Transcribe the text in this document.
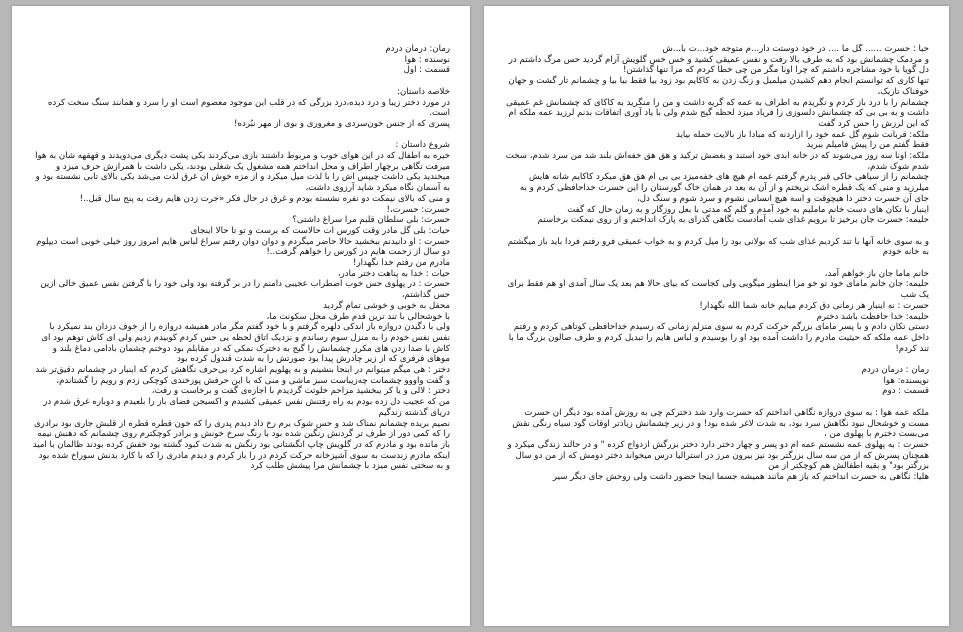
رمان: درمان دردم

نوسنده : هوا

قسمت : اول

خلاصه داستان:

در مورد دختر زیبا و درد دیده،درد بزرگی که در قلب این موجود معصوم است او را سرد و همانند سنگ سخت کرده است.

پسری که از جنس خون‌سردی و مغروری و بوی از مهر نبُرده!

شروع داستان :

خیره به اطفال که در این هوای خوب و مربوط داشتند بازی می‌کردند یکی پشت دیگری می‌دویدند و قهقهه شان به هوا میرفت نگاهی برچهار اطراف و محل انداختم همه مشغول یک شغلی بودند، یکی داشت با همرازش حرف میزد و میخندید یکی داشت چیپس اش را با لذت میل میکرد و از مزه خوش ان غرق لذت می‌شد یکی بالای تابی نشسته بود و به آسمان نگاه میکرد شاید آرزوی داشت،

و منی که بالای نیمکت دو نفره نشسته بودم و غرق در حال فکر «جرت زدن هایم رفت به پنج سال قبل..!

حسرت: حسرت،!

حسرت: بلی سلطان قلبم مرا سراغ داشتی؟

حیات: بلی گل مادر وقت کورس ات حالاست که برست و تو تا حالا اینجای

حسرت : او دانیدنم ببخشید حالا حاضر میگردم و دوان دوان رفتم سراغ لباس هایم امروز روز خیلی خوبی است دیپلوم دو سال از زحمت هایم در کورس را خواهم گرفت..!

مادرم من رفتم خدا نگهدار!

حیات : خدا به پناهت دختر مادر،

حسرت : در پهلوی حس خوب اضطراب عجیبی دامنم را در بر گرفته بود ولی خود را با گرفتن نفس عمیق خالی ازین حس گذاشتم،

محفل به خوبی و خوشی تمام گردید

با خوشحالی با تند ترین قدم طرف محل سکونت ما،

ولی با دگیدن دروازه باز اندکی دلهره گرفتم و با خود گفتم مگر مادر همیشه دروازه را از خوف دزدان بند نمیکرد با نفس نفس خودم را به منزل سوم رساندم و نزدیک اتاق لحظه یی حس کردم کوبیدم زدیم ولی ای کاش توهم بود ای کاش با صدا زدن های مکرر چشمانش را گیج به دخترک نمکی که در مقابلم بود دوختم چشمان بادامی دماغ بلند و موهای فرفری که از زیر چادرش پیدا بود صورتش را به شدت قندول کرده بود

دختر : هی میگم میتوانم در اینجا بنشینم و به پهلویم اشاره کرد بی‌حرف نگاهش کردم که اینبار در چشمانم دقیق‌تر شد و گفت واووو چشمانت چه‌زیباست سبز ماشی و منی که با این حرفش پوزخندی کوچکی زدم و رویم را گشتاندم،

دختر : لالی و یا کر ببخشید مزاحم خلوتت گردیدم با اجازه‌ی گفت و برخاست و رفت،

من که عجیب دل زده بودم به راه رفتنش نفس عمیقی کشیدم و اکسیجن فضای باز را بلعیدم و دوباره غرق شدم در دریای گذشته زندگیم

نصیم بریده چشمانم نمناک شد و حس شوک برم رخ داد دیدم پدری را که خون قطره قطره از قلبش جاری بود برادری را که کمی دور از طرف تر گردنش رنگین شده بود با رنگ سرخ خونش و برادر کوچکترم روی چشمانم که دهنش نیمه باز مانده بود و مادرم که در گلویش چاپ انگشتانی بود رنگش به شدت کبود گشته بود خفش کرده بودند ظالمان با امید اینکه مادرم زندست به سوی آشپزخانه حرکت کردم در را باز کردم و دیدم مادری را که با کارد بدنش سوراخ شده بود و به سختی نفس میزد با چشمانش مرا پیشش طلب کرد

حیا : حسرت ...... گل ما .... در خود دوستت دار...م متوجه خود...ت با...ش

و مردمک چشمانش بود که به طرف بالا رفت و نفس عمیقی کشید و خس خس گلویش آرام گردید حس مرگ داشتم در دل گویا با خود مشاجره داشتم که چرا اونا مگر من چی خطا کردم که مرا تنها گذاشتن!

تنها کاری که توانستم انجام دهم کشیدن میلمبل و زنگ زدن به کاکایم بود زود بیا فقط بیا بیا و چشمانم تار گشت و جهان خوفناک تاریک،

چشمانم را با درد باز کردم و نگریدم به اطراف به عمه که گریه داشت و من را منگرید به کاکای که چشمانش غم عمیقی داشت و به بی بی که چشمانش دلسوزی را فریاد میزد لحظه گیج شدم ولی با یاد آوری اتفاقات بدنم لرزید عمه ملکه ام که این لرزش را حس کرد گفت

ملکه: قربانت شوم گل عمه خود را ازاردنه که مبادا باز بالایت حمله بیاید

فقط گفتم من را پیش فامیلم ببرید

ملکه: اونا سه روز می‌شوند که در خانه ابدی خود استند و بغضش ترکید و هق هق خفه‌اش بلند شد من سرد شدم، سخت شدم شوک شدم،

چشمانم را از سیاهی خاکی قبر پدرم گرفتم عمه ام هیچ های خفه‌میزد بی بی ام هق هق میکرد کاکایم شانه هایش میلرزید و منی که یک قطره اشک نریختم و از آن به بعد در همان خاک گورستان را این حسرت خداحافظی کردم و به جای آن حسرت دختر دا هیچوقت و اسه هیچ انسانی نشوم و سرد شوم و سنگ دل،

اینبار با تکان های دست خانم ماملیم به خود آمدم و گلم که مدتی با بعل روزگار و به زمان حال که گفت

حلیمه: حسرت جان برخیز تا برویم غذای شب آمادست نگاهی گذرای به پارک انداختم و از روی نیمکت برخاستم

و به سوی خانه آنها با تند کردیم غذای شب که بولانی بود را میل کردم و به خواب عمیقی فرو رفتم فردا باید باز میگشتم به خانه خودم

خانم ماما جان باز خواهم آمد،

حلیمه: جان خانم مامای خود تو خو مرا اینطور میگویی ولی کجاست که بیای حالا هم بعد یک سال آمدی او هم فقط برای یک شب

حسرت : نه اینبار هر زمانی دق کردم میایم خانه شما الله نگهدار!

حلیمه: خدا حافظت باشد دخترم

دستی تکان دادم و با پسر مامای بزرگم حرکت کردم به سوی منزلم زمانی که رسیدم خداحافظی کوتاهی کردم و رفتم داخل عمه ملکه که حیثیت مادرم را داشت آمده بود او را بوسیدم و لباس هایم را تبدیل کردم و طرف صالون بزرگ ما با تند کردم!

رمان : درمان دردم

نویسنده: هوا

قسمت : دوم

ملکه عمه هوا : به سوی دروازه نگاهی انداختم که حسرت وارد شد دخترکم چی به روزش آمده بود دیگر ان حسرت مست و خوشحال نبود نگاهش سرد بود، به شدت لاغر شده بود! و در زیر چشمانش زیادتر اوقات گود سیاه رنگی نقش می‌بست دخترم با پهلوی من ،

حسرت : به پهلوی عمه نشستم عمه ام دو پسر و چهار دختر دارد دختر بزرگش ازدواج کرده " و در حالند زندگی میکرد و همچنان پسرش که از من سه سال بزرگتر بود نیز بیرون مرز در استرالیا درس میخواند دختر دومش که از من دو سال بزرگتر بود" و بقیه اطفالش هم کوچکتر از من

هلیا: نگاهی به حسرت انداختم که باز هم مانند همیشه جسما اینجا حضور داشت ولی روحش جای دیگر سیر
